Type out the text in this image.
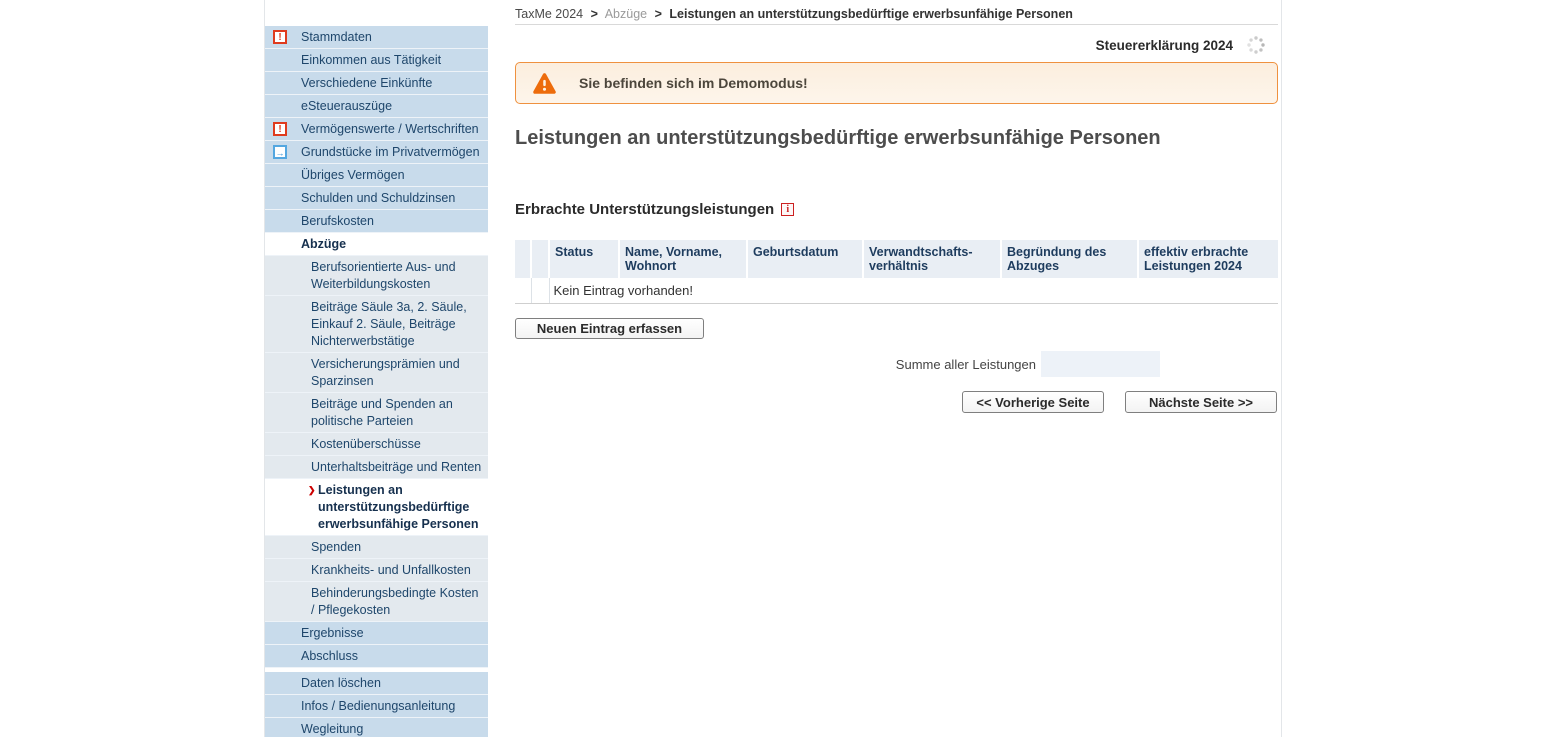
!	Stammdaten
Einkommen aus Tätigkeit
Verschiedene Einkünfte
eSteuerauszüge
!	Vermögenswerte / Wertschriften
→ Grundstücke im Privatvermögen
Übriges Vermögen
Schulden und Schuldzinsen
Berufskosten
Abzüge
Berufsorientierte Aus- und Weiterbildungskosten
Beiträge Säule 3a, 2. Säule, Einkauf 2. Säule, Beiträge Nichterwerbstätige
Versicherungsprämien und Sparzinsen
Beiträge und Spenden an politische Parteien
Kostenüberschüsse
Unterhaltsbeiträge und Renten
❯ Leistungen an unterstützungsbedürftige erwerbsunfähige Personen
Spenden
Krankheits- und Unfallkosten
Behinderungsbedingte Kosten / Pflegekosten
Ergebnisse
Abschluss
Daten löschen
Infos / Bedienungsanleitung
Wegleitung
TaxMe 2024 > Abzüge > Leistungen an unterstützungsbedürftige erwerbsunfähige Personen
Steuererklärung 2024
Sie befinden sich im Demomodus!
Leistungen an unterstützungsbedürftige erwerbsunfähige Personen
Erbrachte Unterstützungsleistungen	i
		Status	Name, Vorname, Wohnort	Geburtsdatum	Verwandtschafts-verhältnis	Begründung des Abzuges	effektiv erbrachte Leistungen 2024
		Kein Eintrag vorhanden!					
Neuen Eintrag erfassen
Summe aller Leistungen
<< Vorherige Seite	Nächste Seite >>
